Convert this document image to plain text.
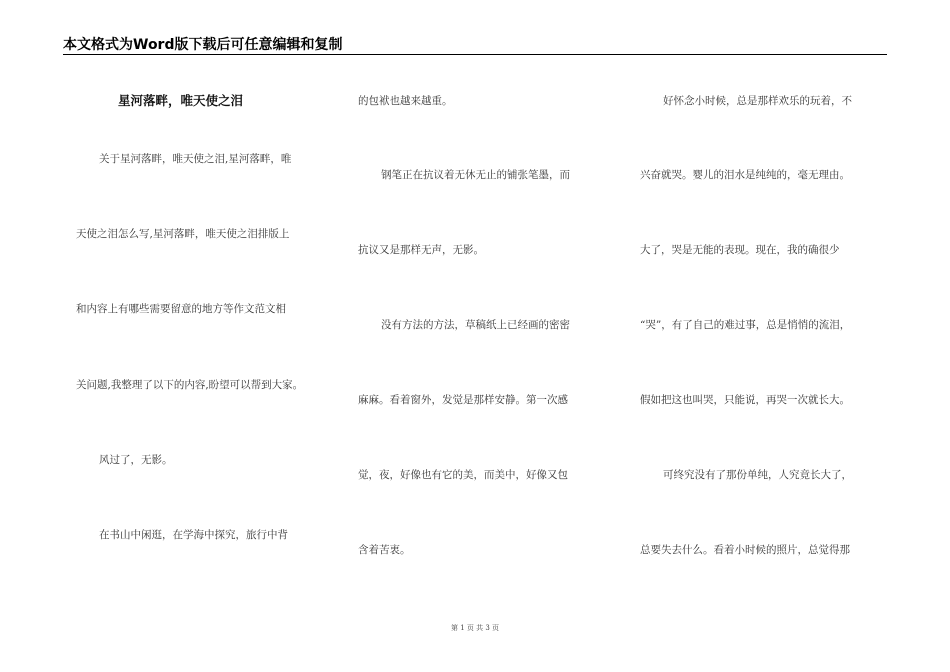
本文格式为Word版下载后可任意编辑和复制
星河落畔，唯天使之泪
关于星河落畔，唯天使之泪,星河落畔，唯
天使之泪怎么写,星河落畔，唯天使之泪排版上
和内容上有哪些需要留意的地方等作文范文相
关问题,我整理了以下的内容,盼望可以帮到大家。
风过了，无影。
在书山中闲逛，在学海中探究，旅行中背
的包袱也越来越重。
钢笔正在抗议着无休无止的铺张笔墨，而
抗议又是那样无声，无影。
没有方法的方法，草稿纸上已经画的密密
麻麻。看着窗外，发觉是那样安静。第一次感
觉，夜，好像也有它的美，而美中，好像又包
含着苦衷。
好怀念小时候，总是那样欢乐的玩着，不
兴奋就哭。婴儿的泪水是纯纯的，毫无理由。
大了，哭是无能的表现。现在，我的确很少
“哭”，有了自己的难过事，总是悄悄的流泪，
假如把这也叫哭，只能说，再哭一次就长大。
可终究没有了那份单纯，人究竟长大了，
总要失去什么。看着小时候的照片，总觉得那
第 1 页 共 3 页
